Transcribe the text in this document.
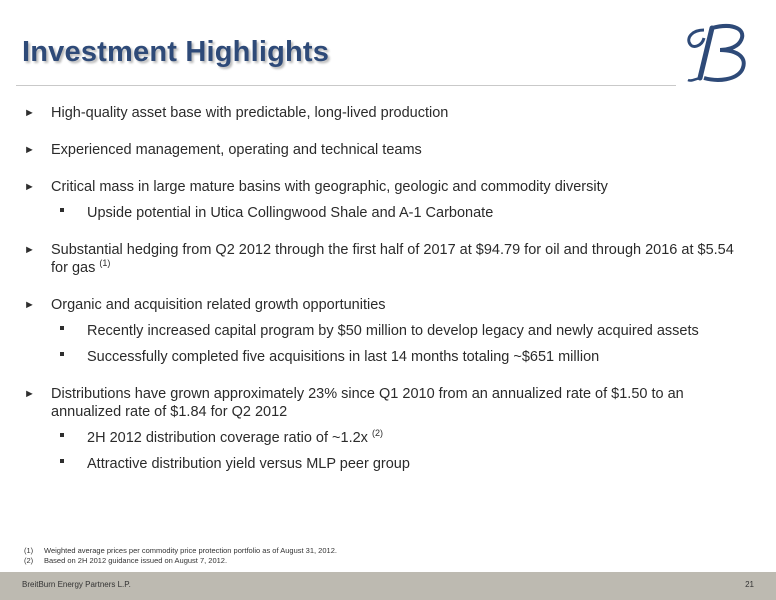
Investment Highlights
► High-quality asset base with predictable, long-lived production
► Experienced management, operating and technical teams
► Critical mass in large mature basins with geographic, geologic and commodity diversity
Upside potential in Utica Collingwood Shale and A-1 Carbonate
► Substantial hedging from Q2 2012 through the first half of 2017 at $94.79 for oil and through 2016 at $5.54 for gas $^{(1)}$
► Organic and acquisition related growth opportunities
Recently increased capital program by $50 million to develop legacy and newly acquired assets
Successfully completed five acquisitions in last 14 months totaling ~$651 million
► Distributions have grown approximately 23% since Q1 2010 from an annualized rate of $1.50 to an annualized rate of $1.84 for Q2 2012
2H 2012 distribution coverage ratio of ~1.2x $^{(2)}$
Attractive distribution yield versus MLP peer group
(1)	Weighted average prices per commodity price protection portfolio as of August 31, 2012.
(2)	Based on 2H 2012 guidance issued on August 7, 2012.
BreitBurn Energy Partners L.P.	21
